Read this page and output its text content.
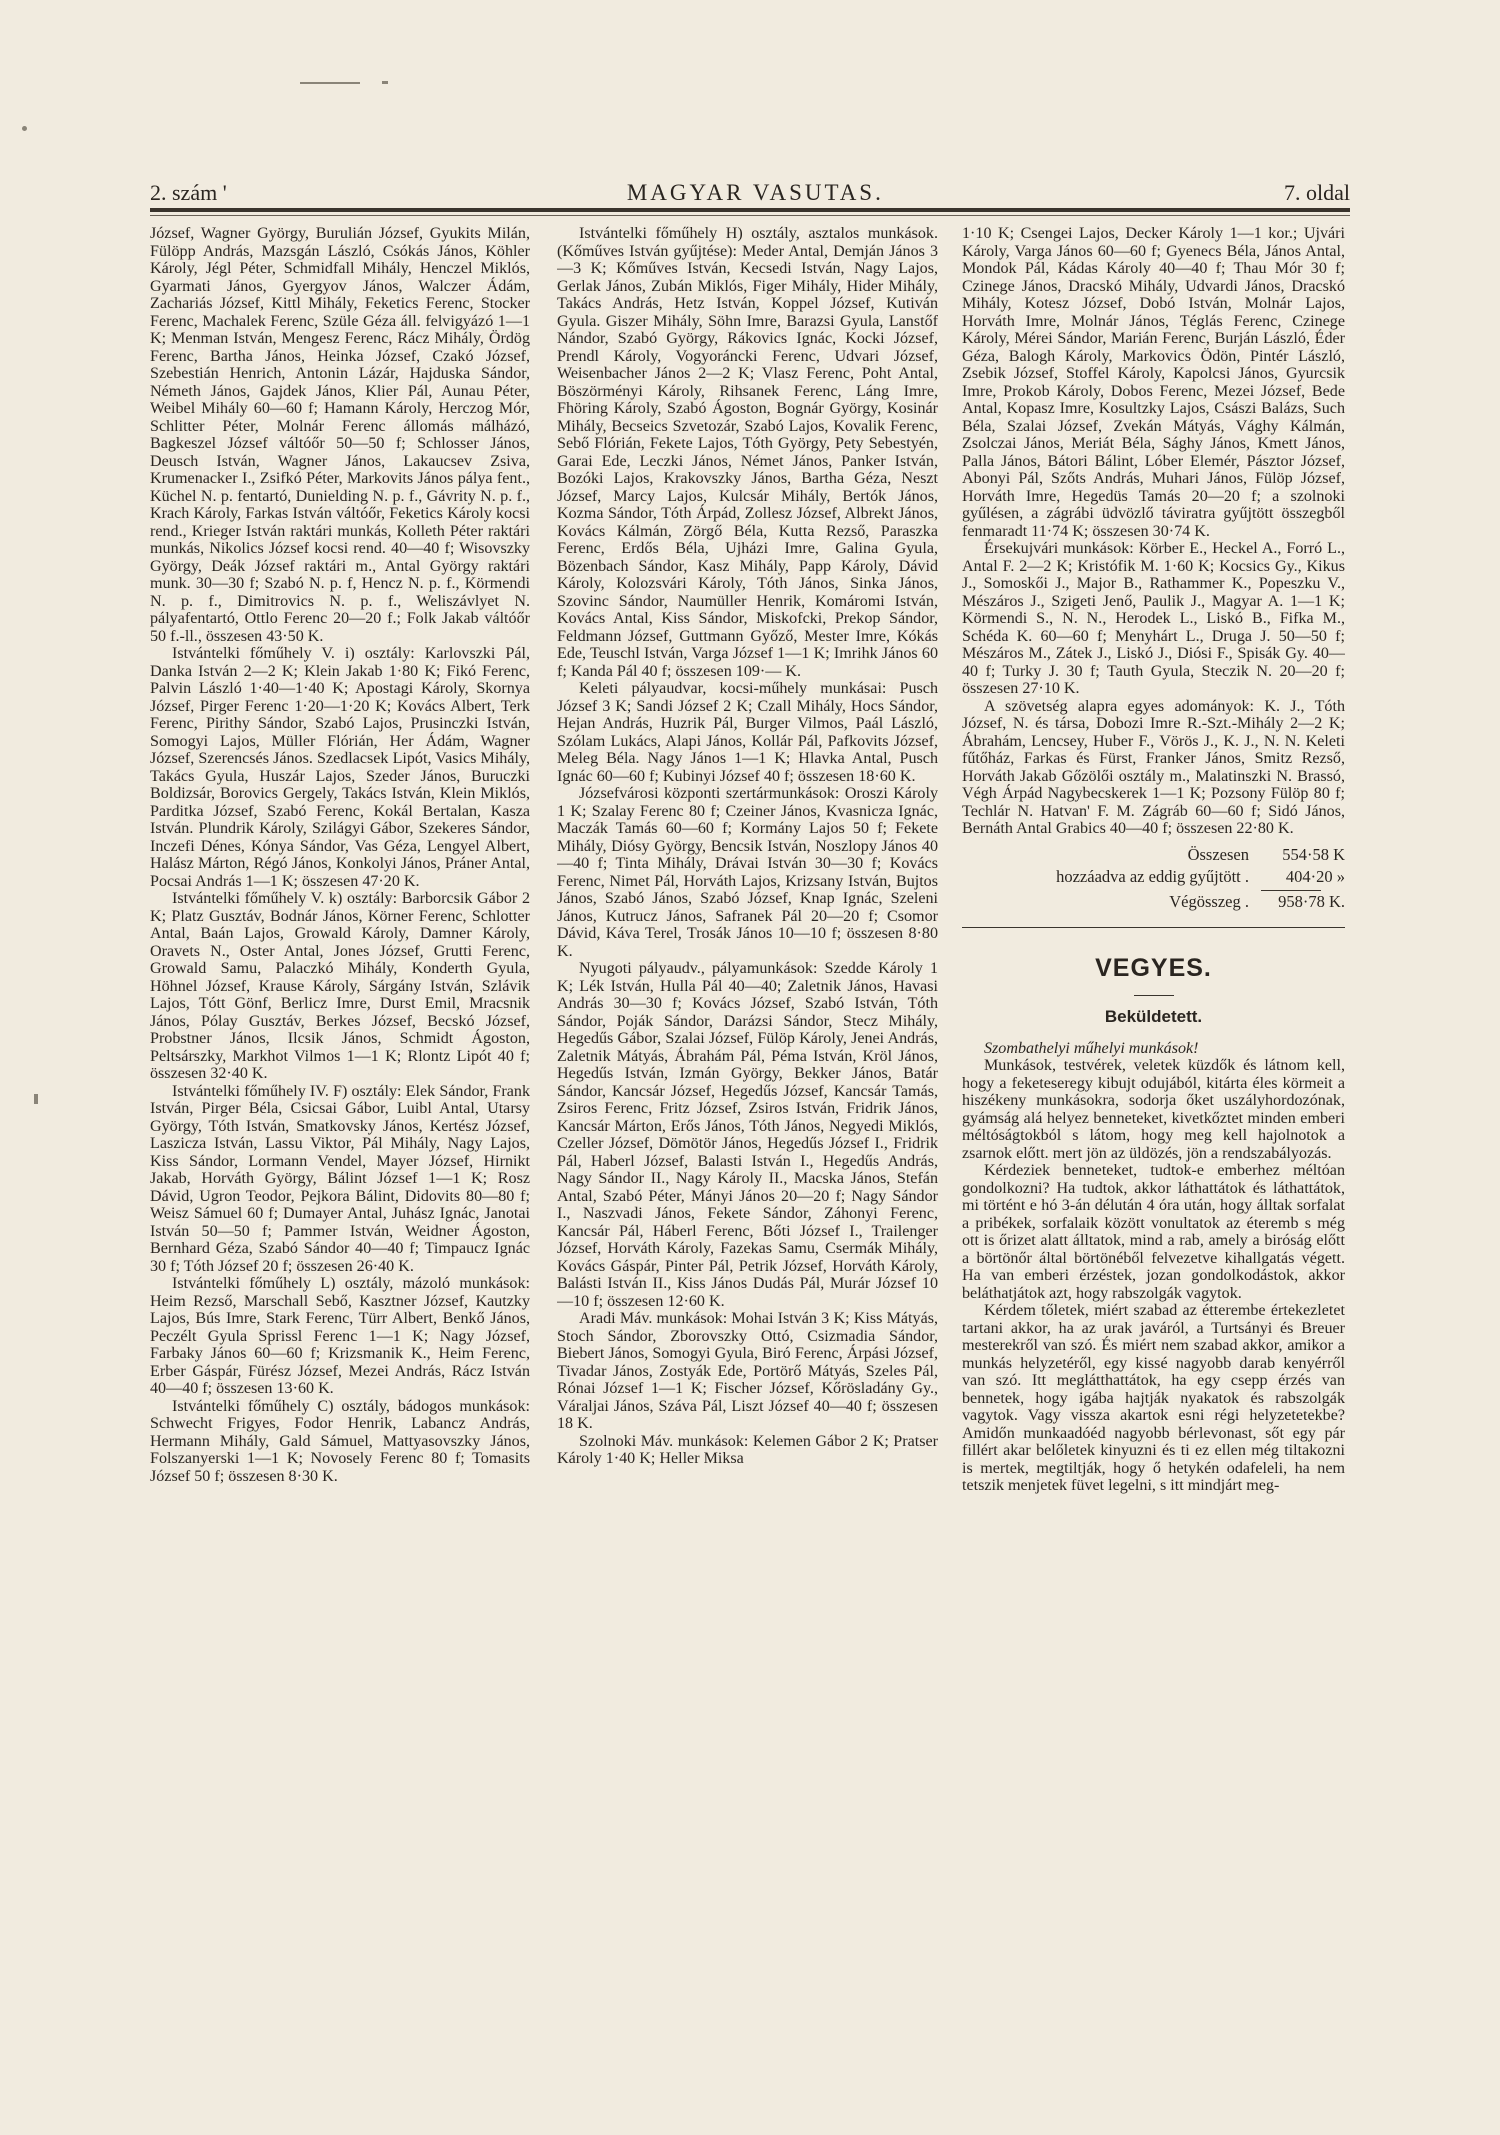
2. szám '	MAGYAR VASUTAS.	7. oldal

József, Wagner György, Burulián József, Gyukits Milán, Fülöpp András, Mazsgán László, Csókás János, Köhler Károly, Jégl Péter, Schmidfall Mihály, Henczel Miklós, Gyarmati János, Gyergyov János, Walczer Ádám, Zachariás József, Kittl Mihály, Feketics Ferenc, Stocker Ferenc, Machalek Ferenc, Szüle Géza áll. felvigyázó 1—1 K; Menman István, Mengesz Ferenc, Rácz Mihály, Ördög Ferenc, Bartha János, Heinka József, Czakó József, Szebestián Henrich, Antonin Lázár, Hajduska Sándor, Németh János, Gajdek János, Klier Pál, Aunau Péter, Weibel Mihály 60—60 f; Hamann Károly, Herczog Mór, Schlitter Péter, Molnár Ferenc állomás málházó, Bagkeszel József váltóőr 50—50 f; Schlosser János, Deusch István, Wagner János, Lakaucsev Zsiva, Krumenacker I., Zsifkó Péter, Markovits János pálya fent., Küchel N. p. fentartó, Dunielding N. p. f., Gávrity N. p. f., Krach Károly, Farkas István váltóőr, Feketics Károly kocsi rend., Krieger István raktári munkás, Kolleth Péter raktári munkás, Nikolics József kocsi rend. 40—40 f; Wisovszky György, Deák József raktári m., Antal György raktári munk. 30—30 f; Szabó N. p. f, Hencz N. p. f., Körmendi N. p. f., Dimitrovics N. p. f., Weliszávlyet N. pályafentartó, Ottlo Ferenc 20—20 f.; Folk Jakab váltóőr 50 f.-ll., összesen 43·50 K.

Istvántelki főműhely V. i) osztály: Karlovszki Pál, Danka István 2—2 K; Klein Jakab 1·80 K; Fikó Ferenc, Palvin László 1·40—1·40 K; Apostagi Károly, Skornya József, Pirger Ferenc 1·20—1·20 K; Kovács Albert, Terk Ferenc, Pirithy Sándor, Szabó Lajos, Prusinczki István, Somogyi Lajos, Müller Flórián, Her Ádám, Wagner József, Szerencsés János. Szedlacsek Lipót, Vasics Mihály, Takács Gyula, Huszár Lajos, Szeder János, Buruczki Boldizsár, Borovics Gergely, Takács István, Klein Miklós, Parditka József, Szabó Ferenc, Kokál Bertalan, Kasza István. Plundrik Károly, Szilágyi Gábor, Szekeres Sándor, Inczefi Dénes, Kónya Sándor, Vas Géza, Lengyel Albert, Halász Márton, Régó János, Konkolyi János, Práner Antal, Pocsai András 1—1 K; összesen 47·20 K.

Istvántelki főműhely V. k) osztály: Barborcsik Gábor 2 K; Platz Gusztáv, Bodnár János, Körner Ferenc, Schlotter Antal, Baán Lajos, Growald Károly, Damner Károly, Oravets N., Oster Antal, Jones József, Grutti Ferenc, Growald Samu, Palaczkó Mihály, Konderth Gyula, Höhnel József, Krause Károly, Sárgány István, Szlávik Lajos, Tótt Gönf, Berlicz Imre, Durst Emil, Mracsnik János, Pólay Gusztáv, Berkes József, Becskó József, Probstner János, Ilcsik János, Schmidt Ágoston, Peltsárszky, Markhot Vilmos 1—1 K; Rlontz Lipót 40 f; összesen 32·40 K.

Istvántelki főműhely IV. F) osztály: Elek Sándor, Frank István, Pirger Béla, Csicsai Gábor, Luibl Antal, Utarsy György, Tóth István, Smatkovsky János, Kertész József, Laszicza István, Lassu Viktor, Pál Mihály, Nagy Lajos, Kiss Sándor, Lormann Vendel, Mayer József, Hirnikt Jakab, Horváth György, Bálint József 1—1 K; Rosz Dávid, Ugron Teodor, Pejkora Bálint, Didovits 80—80 f; Weisz Sámuel 60 f; Dumayer Antal, Juhász Ignác, Janotai István 50—50 f; Pammer István, Weidner Ágoston, Bernhard Géza, Szabó Sándor 40—40 f; Timpaucz Ignác 30 f; Tóth József 20 f; összesen 26·40 K.

Istvántelki főműhely L) osztály, mázoló munkások: Heim Rezső, Marschall Sebő, Kasztner József, Kautzky Lajos, Bús Imre, Stark Ferenc, Türr Albert, Benkő János, Peczélt Gyula Sprissl Ferenc 1—1 K; Nagy József, Farbaky János 60—60 f; Krizsmanik K., Heim Ferenc, Erber Gáspár, Fürész József, Mezei András, Rácz István 40—40 f; összesen 13·60 K.

Istvántelki főműhely C) osztály, bádogos munkások: Schwecht Frigyes, Fodor Henrik, Labancz András, Hermann Mihály, Gald Sámuel, Mattyasovszky János, Folszanyerski 1—1 K; Novosely Ferenc 80 f; Tomasits József 50 f; összesen 8·30 K.

Istvántelki főműhely H) osztály, asztalos munkások. (Kőműves István gyűjtése): Meder Antal, Demján János 3—3 K; Kőműves István, Kecsedi István, Nagy Lajos, Gerlak János, Zubán Miklós, Figer Mihály, Hider Mihály, Takács András, Hetz István, Koppel József, Kutiván Gyula. Giszer Mihály, Söhn Imre, Barazsi Gyula, Lanstőf Nándor, Szabó György, Rákovics Ignác, Kocki József, Prendl Károly, Vogyoráncki Ferenc, Udvari József, Weisenbacher János 2—2 K; Vlasz Ferenc, Poht Antal, Böszörményi Károly, Rihsanek Ferenc, Láng Imre, Fhöring Károly, Szabó Ágoston, Bognár György, Kosinár Mihály, Becseics Szvetozár, Szabó Lajos, Kovalik Ferenc, Sebő Flórián, Fekete Lajos, Tóth György, Pety Sebestyén, Garai Ede, Leczki János, Német János, Panker István, Bozóki Lajos, Krakovszky János, Bartha Géza, Neszt József, Marcy Lajos, Kulcsár Mihály, Bertók János, Kozma Sándor, Tóth Árpád, Zollesz József, Albrekt János, Kovács Kálmán, Zörgő Béla, Kutta Rezső, Paraszka Ferenc, Erdős Béla, Ujházi Imre, Galina Gyula, Bözenbach Sándor, Kasz Mihály, Papp Károly, Dávid Károly, Kolozsvári Károly, Tóth János, Sinka János, Szovinc Sándor, Naumüller Henrik, Komáromi István, Kovács Antal, Kiss Sándor, Miskofcki, Prekop Sándor, Feldmann József, Guttmann Győző, Mester Imre, Kókás Ede, Teuschl István, Varga József 1—1 K; Imrihk János 60 f; Kanda Pál 40 f; összesen 109·— K.

Keleti pályaudvar, kocsi-műhely munkásai: Pusch József 3 K; Sandi József 2 K; Czall Mihály, Hocs Sándor, Hejan András, Huzrik Pál, Burger Vilmos, Paál László, Szólam Lukács, Alapi János, Kollár Pál, Pafkovits József, Meleg Béla. Nagy János 1—1 K; Hlavka Antal, Pusch Ignác 60—60 f; Kubinyi József 40 f; összesen 18·60 K.

Józsefvárosi központi szertármunkások: Oroszi Károly 1 K; Szalay Ferenc 80 f; Czeiner János, Kvasnicza Ignác, Maczák Tamás 60—60 f; Kormány Lajos 50 f; Fekete Mihály, Diósy György, Bencsik István, Noszlopy János 40—40 f; Tinta Mihály, Drávai István 30—30 f; Kovács Ferenc, Nimet Pál, Horváth Lajos, Krizsany István, Bujtos János, Szabó János, Szabó József, Knap Ignác, Szeleni János, Kutrucz János, Safranek Pál 20—20 f; Csomor Dávid, Káva Terel, Trosák János 10—10 f; összesen 8·80 K.

Nyugoti pályaudv., pályamunkások: Szedde Károly 1 K; Lék István, Hulla Pál 40—40; Zaletnik János, Havasi András 30—30 f; Kovács József, Szabó István, Tóth Sándor, Poják Sándor, Darázsi Sándor, Stecz Mihály, Hegedűs Gábor, Szalai József, Fülöp Károly, Jenei András, Zaletnik Mátyás, Ábrahám Pál, Péma István, Kröl János, Hegedűs István, Izmán György, Bekker János, Batár Sándor, Kancsár József, Hegedűs József, Kancsár Tamás, Zsiros Ferenc, Fritz József, Zsiros István, Fridrik János, Kancsár Márton, Erős János, Tóth János, Negyedi Miklós, Czeller József, Dömötör János, Hegedűs József I., Fridrik Pál, Haberl József, Balasti István I., Hegedűs András, Nagy Sándor II., Nagy Károly II., Macska János, Stefán Antal, Szabó Péter, Mányi János 20—20 f; Nagy Sándor I., Naszvadi János, Fekete Sándor, Záhonyi Ferenc, Kancsár Pál, Háberl Ferenc, Bőti József I., Trailenger József, Horváth Károly, Fazekas Samu, Csermák Mihály, Kovács Gáspár, Pinter Pál, Petrik József, Horváth Károly, Balásti István II., Kiss János Dudás Pál, Murár József 10—10 f; összesen 12·60 K.

Aradi Máv. munkások: Mohai István 3 K; Kiss Mátyás, Stoch Sándor, Zborovszky Ottó, Csizmadia Sándor, Biebert János, Somogyi Gyula, Biró Ferenc, Árpási József, Tivadar János, Zostyák Ede, Portörő Mátyás, Szeles Pál, Rónai József 1—1 K; Fischer József, Kőrösladány Gy., Váraljai János, Száva Pál, Liszt József 40—40 f; összesen 18 K.

Szolnoki Máv. munkások: Kelemen Gábor 2 K; Pratser Károly 1·40 K; Heller Miksa

1·10 K; Csengei Lajos, Decker Károly 1—1 kor.; Ujvári Károly, Varga János 60—60 f; Gyenecs Béla, János Antal, Mondok Pál, Kádas Károly 40—40 f; Thau Mór 30 f; Czinege János, Dracskó Mihály, Udvardi János, Dracskó Mihály, Kotesz József, Dobó István, Molnár Lajos, Horváth Imre, Molnár János, Téglás Ferenc, Czinege Károly, Mérei Sándor, Marián Ferenc, Burján László, Éder Géza, Balogh Károly, Markovics Ödön, Pintér László, Zsebik József, Stoffel Károly, Kapolcsi János, Gyurcsik Imre, Prokob Károly, Dobos Ferenc, Mezei József, Bede Antal, Kopasz Imre, Kosultzky Lajos, Császi Balázs, Such Béla, Szalai József, Zvekán Mátyás, Vághy Kálmán, Zsolczai János, Meriát Béla, Sághy János, Kmett János, Palla János, Bátori Bálint, Lóber Elemér, Pásztor József, Abonyi Pál, Szőts András, Muhari János, Fülöp József, Horváth Imre, Hegedüs Tamás 20—20 f; a szolnoki gyűlésen, a zágrábi üdvözlő táviratra gyűjtött összegből fenmaradt 11·74 K; összesen 30·74 K.

Érsekujvári munkások: Körber E., Heckel A., Forró L., Antal F. 2—2 K; Kristófik M. 1·60 K; Kocsics Gy., Kikus J., Somoskői J., Major B., Rathammer K., Popeszku V., Mészáros J., Szigeti Jenő, Paulik J., Magyar A. 1—1 K; Körmendi S., N. N., Herodek L., Liskó B., Fifka M., Schéda K. 60—60 f; Menyhárt L., Druga J. 50—50 f; Mészáros M., Zátek J., Liskó J., Diósi F., Spisák Gy. 40—40 f; Turky J. 30 f; Tauth Gyula, Steczik N. 20—20 f; összesen 27·10 K.

A szövetség alapra egyes adományok: K. J., Tóth József, N. és társa, Dobozi Imre R.-Szt.-Mihály 2—2 K; Ábrahám, Lencsey, Huber F., Vörös J., K. J., N. N. Keleti fűtőház, Farkas és Fürst, Franker János, Smitz Rezső, Horváth Jakab Gőzölői osztály m., Malatinszki N. Brassó, Végh Árpád Nagybecskerek 1—1 K; Pozsony Fülöp 80 f; Techlár N. Hatvan' F. M. Zágráb 60—60 f; Sidó János, Bernáth Antal Grabics 40—40 f; összesen 22·80 K.

Összesen	554·58 K
hozzáadva az eddig gyűjtött .	404·20 »
Végösszeg .	958·78 K.
VEGYES.
Beküldetett.

Szombathelyi műhelyi munkások!

Munkások, testvérek, veletek küzdők és látnom kell, hogy a feketeseregy kibujt odujából, kitárta éles körmeit a hiszékeny munkásokra, sodorja őket uszályhordozónak, gyámság alá helyez benneteket, kivetkőztet minden emberi méltóságtokból s látom, hogy meg kell hajolnotok a zsarnok előtt. mert jön az üldözés, jön a rendszabályozás.

Kérdeziek benneteket, tudtok-e emberhez méltóan gondolkozni? Ha tudtok, akkor láthattátok és láthattátok, mi történt e hó 3-án délután 4 óra után, hogy álltak sorfalat a pribékek, sorfalaik között vonultatok az éteremb s még ott is őrizet alatt álltatok, mind a rab, amely a biróság előtt a börtönőr által börtönéből felvezetve kihallgatás végett. Ha van emberi érzéstek, jozan gondolkodástok, akkor beláthatjátok azt, hogy rabszolgák vagytok.

Kérdem tőletek, miért szabad az étterembe értekezletet tartani akkor, ha az urak javáról, a Turtsányi és Breuer mesterekről van szó. És miért nem szabad akkor, amikor a munkás helyzetéről, egy kissé nagyobb darab kenyérről van szó. Itt meglátthattátok, ha egy csepp érzés van bennetek, hogy igába hajtják nyakatok és rabszolgák vagytok. Vagy vissza akartok esni régi helyzetetekbe? Amidőn munkaadóéd nagyobb bérlevonast, sőt egy pár fillért akar belőletek kinyuzni és ti ez ellen még tiltakozni is mertek, megtiltják, hogy ő hetykén odafeleli, ha nem tetszik menjetek füvet legelni, s itt mindjárt meg-
